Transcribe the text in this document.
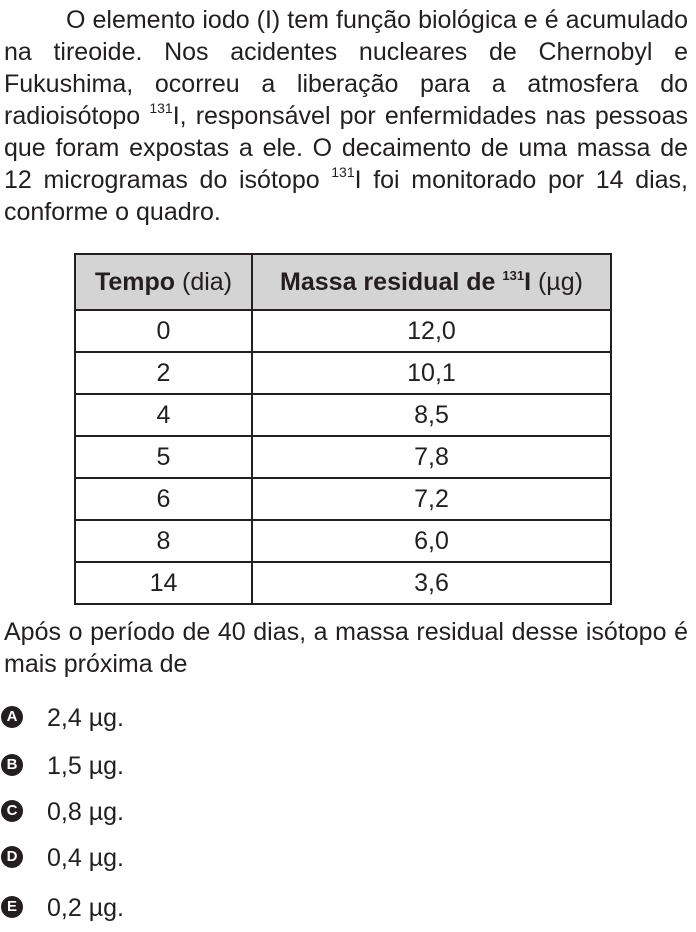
O elemento iodo (I) tem função biológica e é acumulado na tireoide. Nos acidentes nucleares de Chernobyl e Fukushima, ocorreu a liberação para a atmosfera do radioisótopo $^{131}$I, responsável por enfermidades nas pessoas que foram expostas a ele. O decaimento de uma massa de 12 microgramas do isótopo $^{131}$I foi monitorado por 14 dias, conforme o quadro.

Tempo (dia)	Massa residual de $^{131}$I (µg)
0	12,0
2	10,1
4	8,5
5	7,8
6	7,2
8	6,0
14	3,6

Após o período de 40 dias, a massa residual desse isótopo é mais próxima de

A 2,4 µg.
B 1,5 µg.
C 0,8 µg.
D 0,4 µg.
E 0,2 µg.
